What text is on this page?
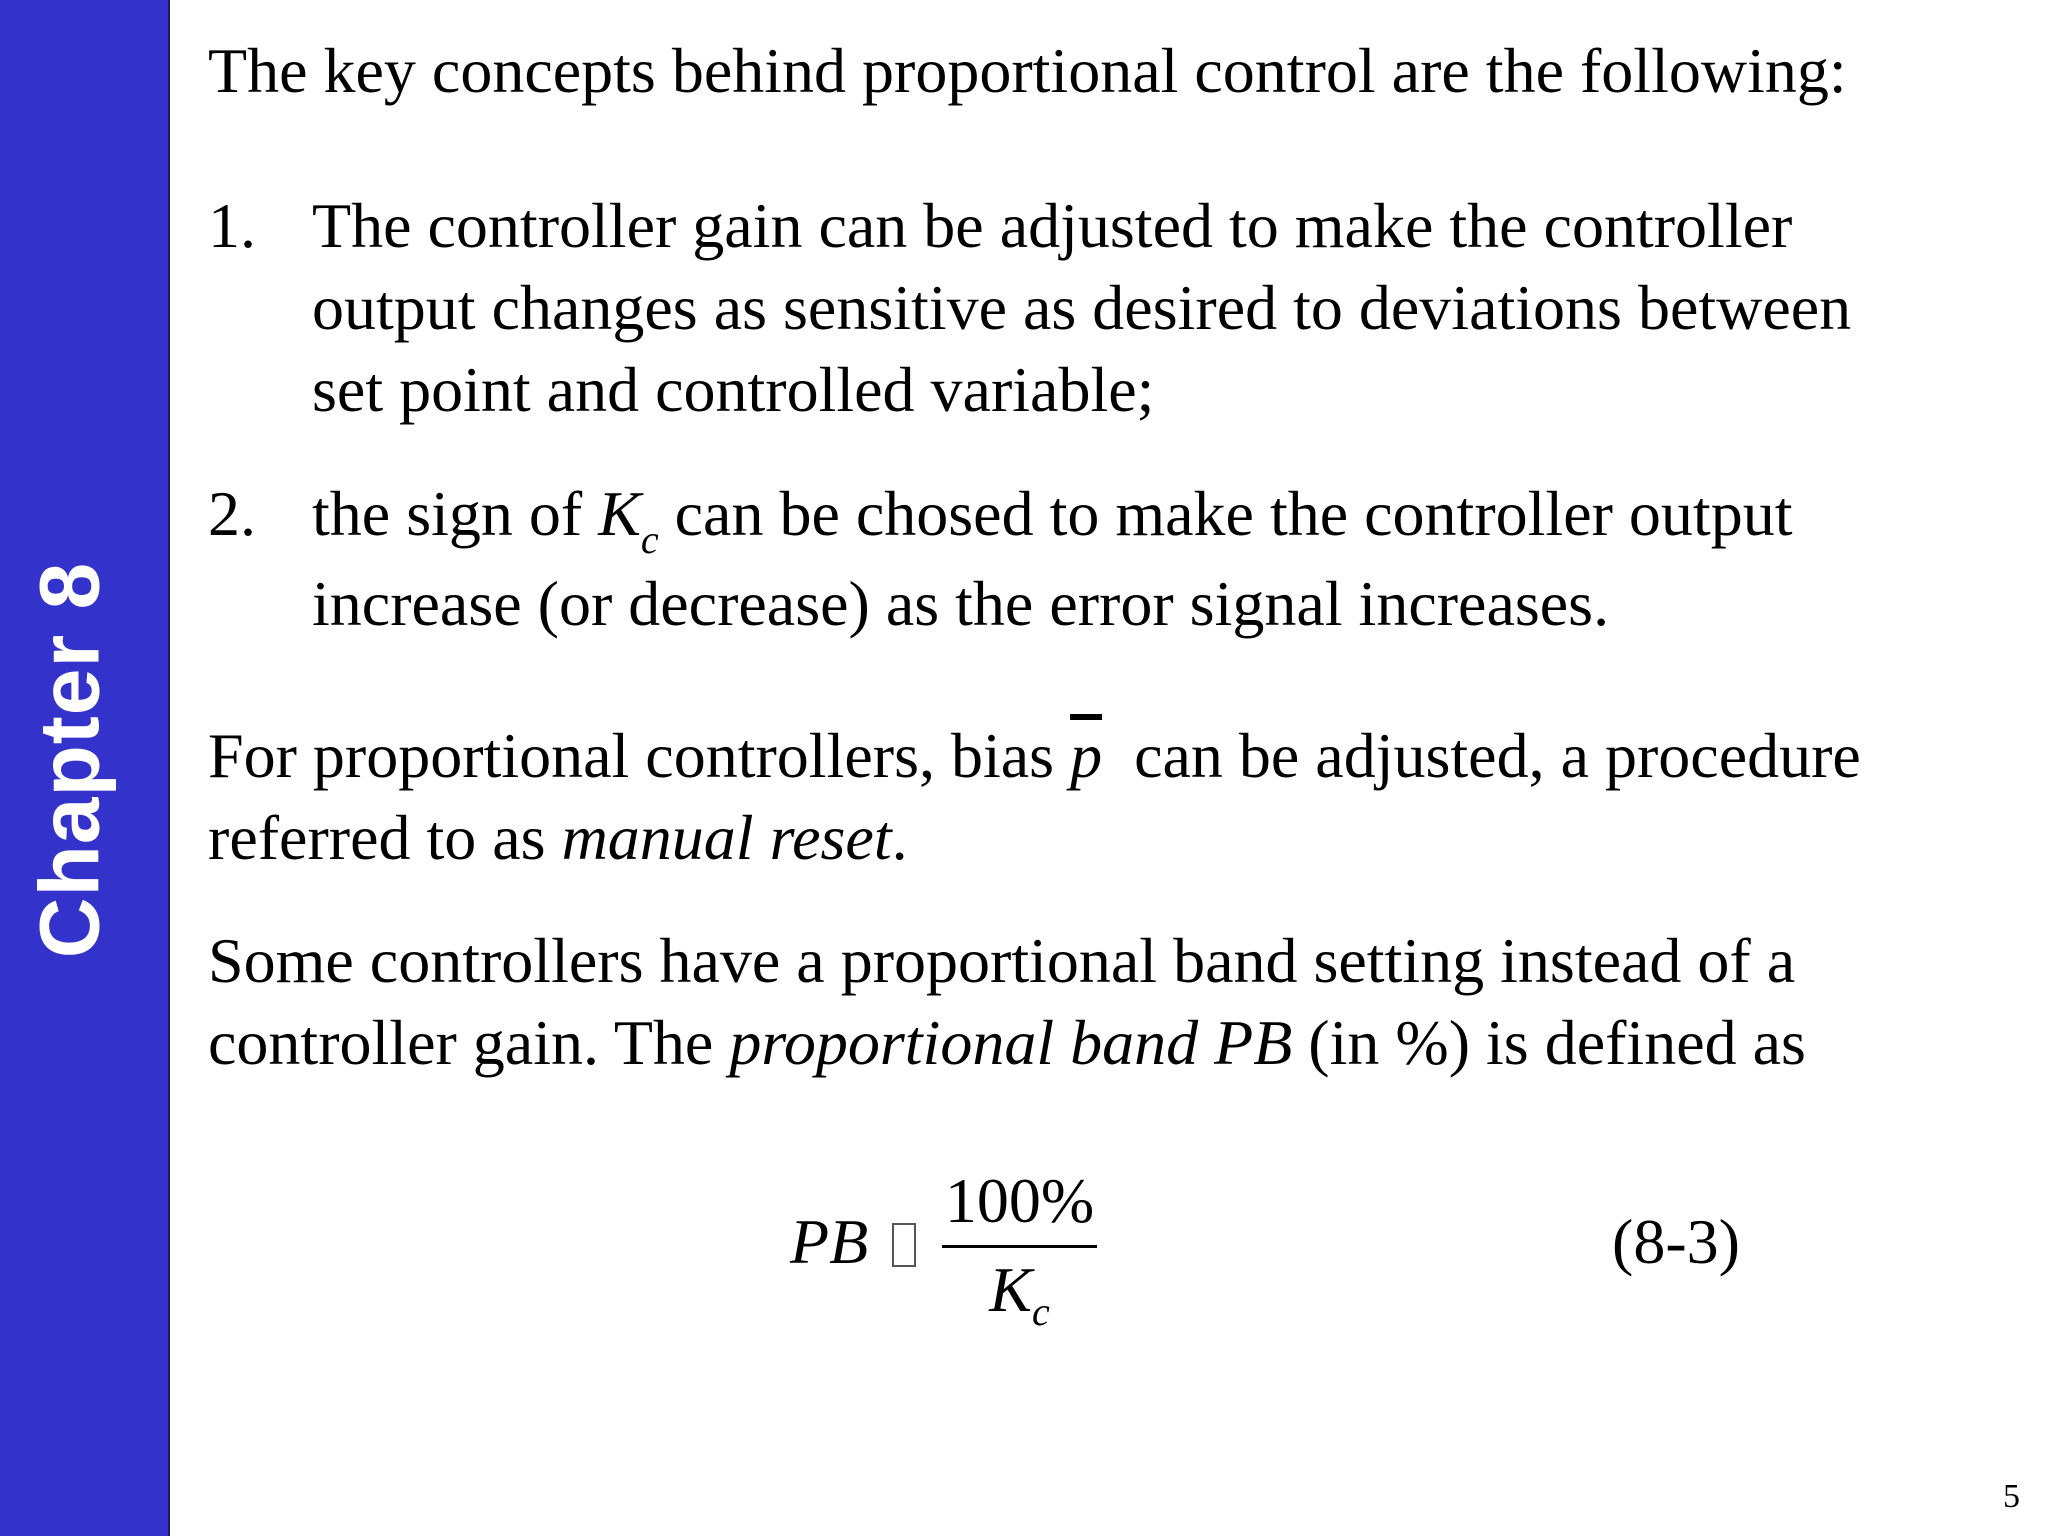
Chapter 8
The key concepts behind proportional control are the following:
1. The controller gain can be adjusted to make the controller
output changes as sensitive as desired to deviations between
set point and controlled variable;
2. the sign of $K_c$ can be chosed to make the controller output
increase (or decrease) as the error signal increases.
For proportional controllers, bias $\overline{p}$  can be adjusted, a procedure
referred to as manual reset.
Some controllers have a proportional band setting instead of a
controller gain. The proportional band PB (in %) is defined as
PB
100%
$K_c$
(8-3)
5
